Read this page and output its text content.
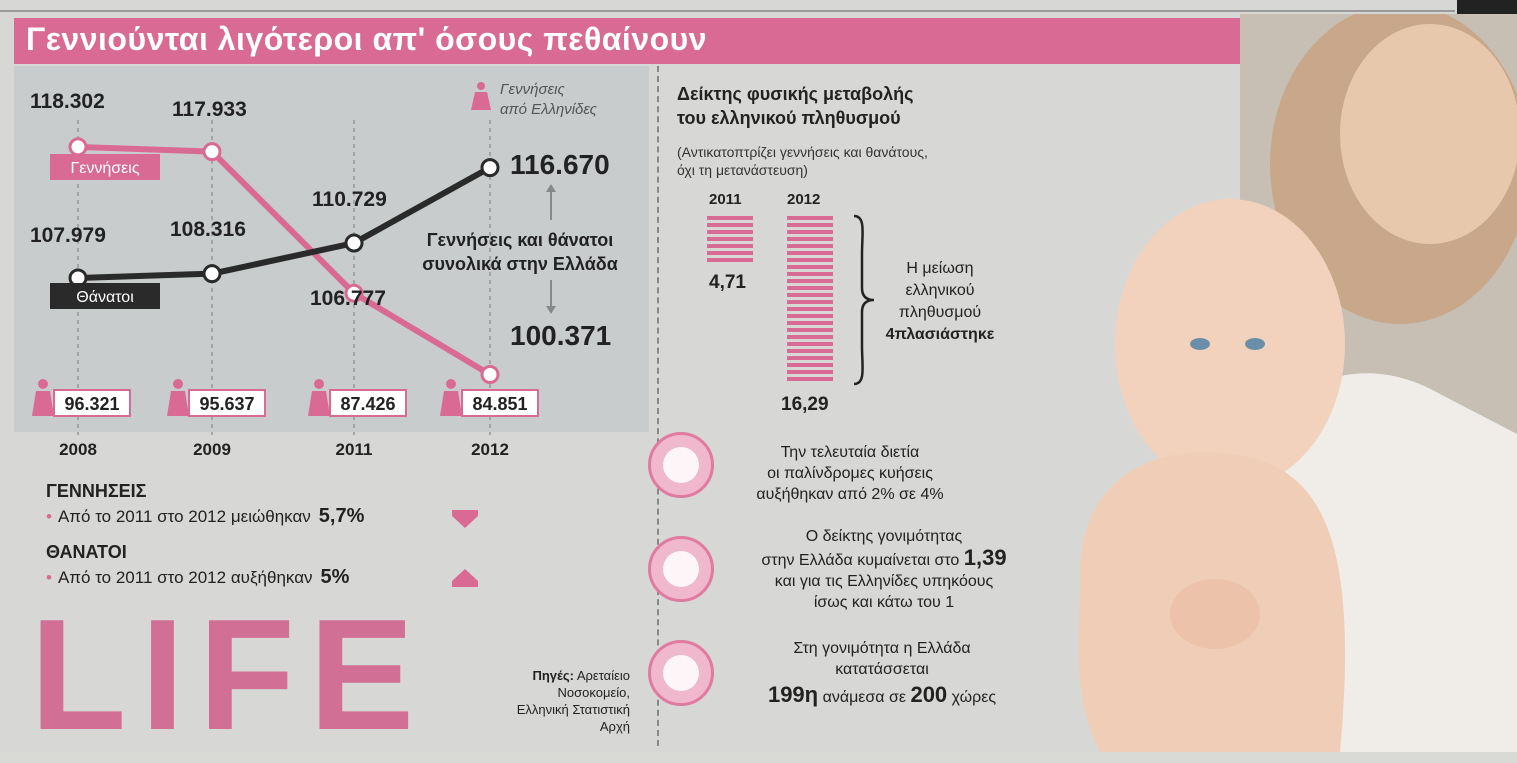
Γεννιούνται λιγότεροι απ' όσους πεθαίνουν
118.302	117.933
106.777
100.371
107.979	108.316
110.729
116.670
Γεννήσεις
Θάνατοι
Γεννήσεις και θάνατοι
συνολικά στην Ελλάδα
Γεννήσεις
από Ελληνίδες
96.321	95.637	87.426	84.851
2008	2009	2011	2012
ΓΕΝΝΗΣΕΙΣ
• Από το 2011 στο 2012 μειώθηκαν 5,7%
ΘΑΝΑΤΟΙ
• Από το 2011 στο 2012 αυξήθηκαν 5%
LIFE	Πηγές: Αρεταίειο
Νοσοκομείο,
Ελληνική Στατιστική
Αρχή
Δείκτης φυσικής μεταβολής
του ελληνικού πληθυσμού
(Αντικατοπτρίζει γεννήσεις και θανάτους,
όχι τη μετανάστευση)
2011	2012
4,71
16,29
Η μείωση
ελληνικού
πληθυσμού
4πλασιάστηκε
Την τελευταία διετία
οι παλίνδρομες κυήσεις
αυξήθηκαν από 2% σε 4%
Ο δείκτης γονιμότητας
στην Ελλάδα κυμαίνεται στο 1,39
και για τις Ελληνίδες υπηκόους
ίσως και κάτω του 1
Στη γονιμότητα η Ελλάδα
κατατάσσεται
199η ανάμεσα σε 200 χώρες
